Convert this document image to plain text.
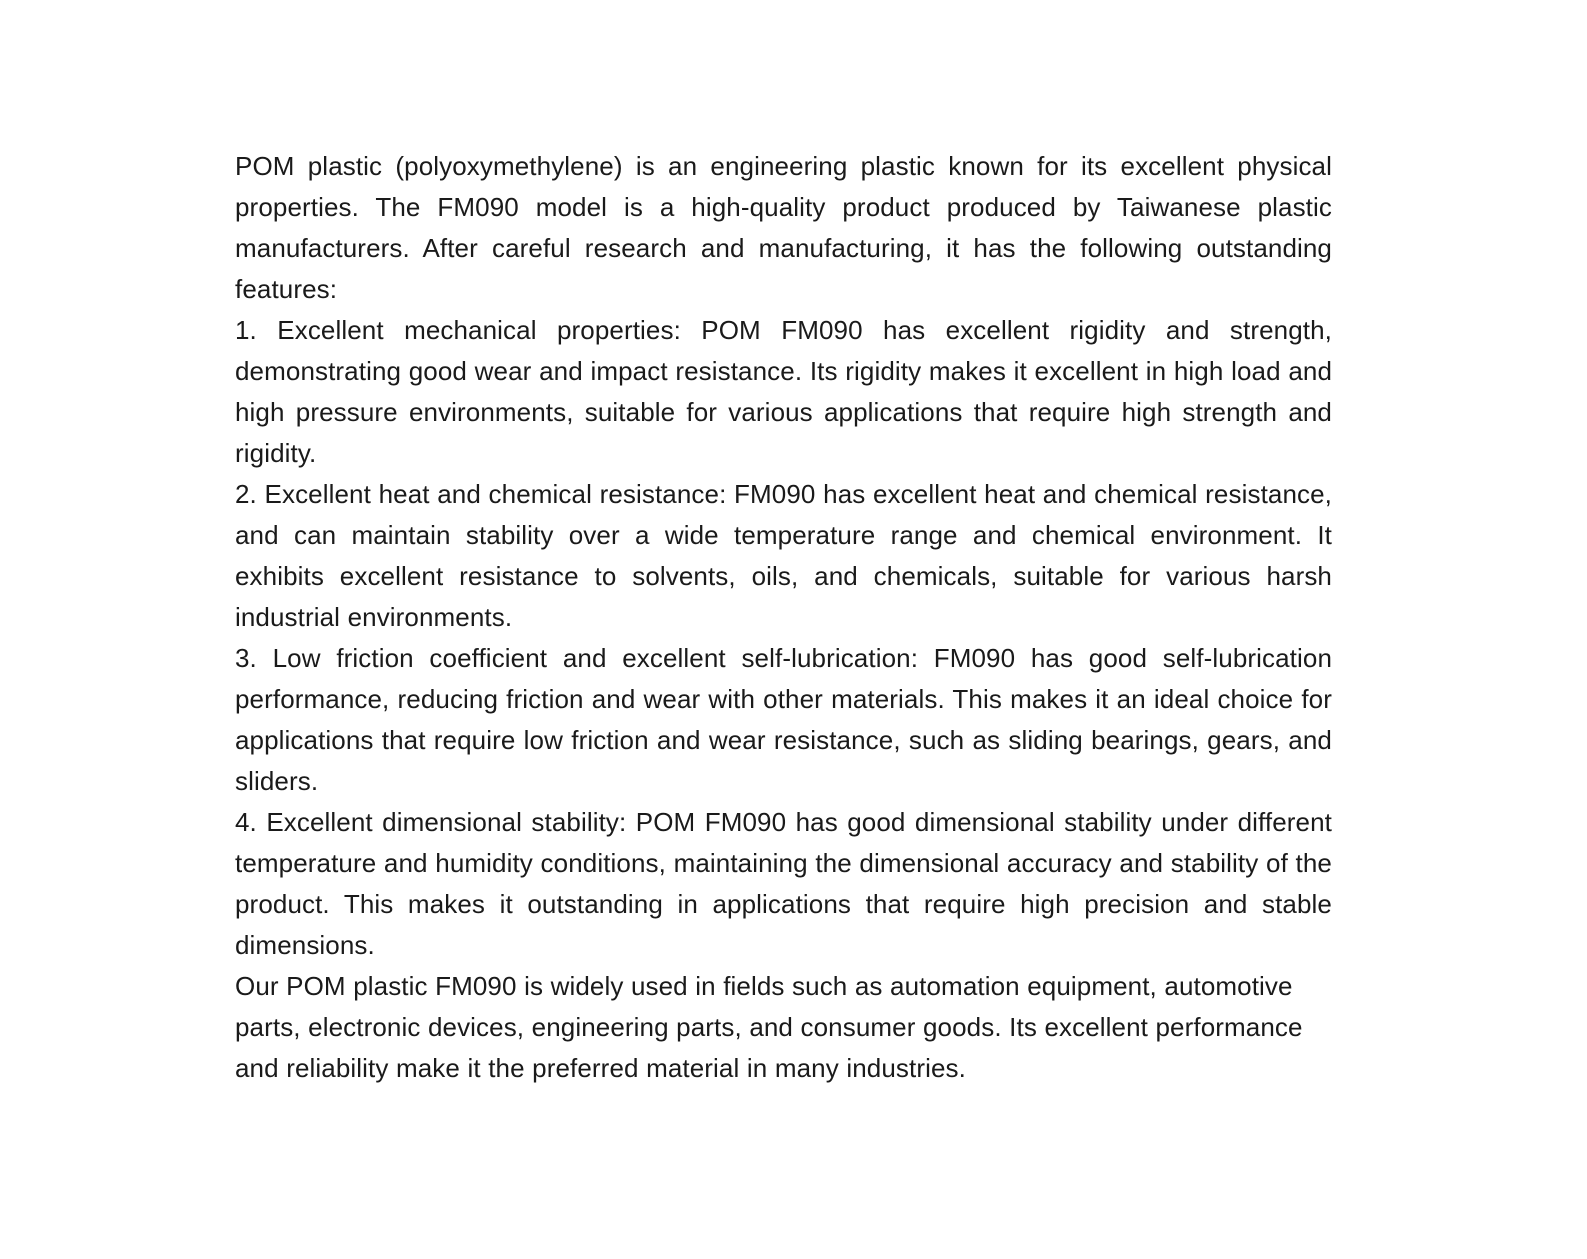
POM plastic (polyoxymethylene) is an engineering plastic known for its excellent physical properties. The FM090 model is a high-quality product produced by Taiwanese plastic manufacturers. After careful research and manufacturing, it has the following outstanding features:

1. Excellent mechanical properties: POM FM090 has excellent rigidity and strength, demonstrating good wear and impact resistance. Its rigidity makes it excellent in high load and high pressure environments, suitable for various applications that require high strength and rigidity.

2. Excellent heat and chemical resistance: FM090 has excellent heat and chemical resistance, and can maintain stability over a wide temperature range and chemical environment. It exhibits excellent resistance to solvents, oils, and chemicals, suitable for various harsh industrial environments.

3. Low friction coefficient and excellent self-lubrication: FM090 has good self-lubrication performance, reducing friction and wear with other materials. This makes it an ideal choice for applications that require low friction and wear resistance, such as sliding bearings, gears, and sliders.

4. Excellent dimensional stability: POM FM090 has good dimensional stability under different temperature and humidity conditions, maintaining the dimensional accuracy and stability of the product. This makes it outstanding in applications that require high precision and stable dimensions.

Our POM plastic FM090 is widely used in fields such as automation equipment, automotive parts, electronic devices, engineering parts, and consumer goods. Its excellent performance and reliability make it the preferred material in many industries.
